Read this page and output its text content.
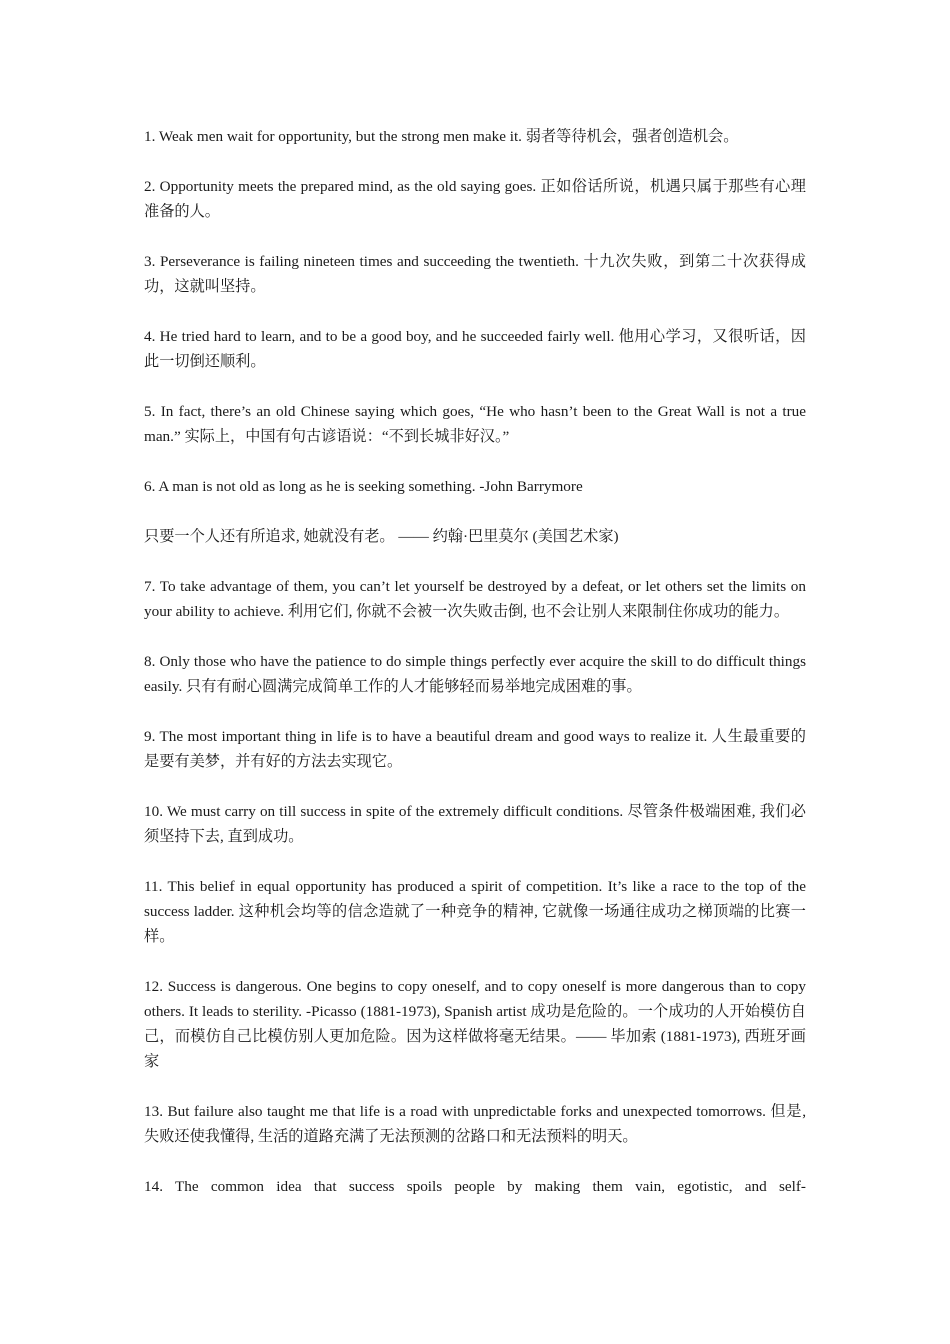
1. Weak men wait for opportunity, but the strong men make it. 弱者等待机会，强者创造机会。

2. Opportunity meets the prepared mind, as the old saying goes. 正如俗话所说，机遇只属于那些有心理准备的人。

3. Perseverance is failing nineteen times and succeeding the twentieth. 十九次失败，到第二十次获得成功，这就叫坚持。

4. He tried hard to learn, and to be a good boy, and he succeeded fairly well. 他用心学习，又很听话，因此一切倒还顺利。

5. In fact, there’s an old Chinese saying which goes, “He who hasn’t been to the Great Wall is not a true man.” 实际上，中国有句古谚语说：“不到长城非好汉。”

6. A man is not old as long as he is seeking something. -John Barrymore

只要一个人还有所追求, 她就没有老。 —— 约翰·巴里莫尔 (美国艺术家)

7. To take advantage of them, you can’t let yourself be destroyed by a defeat, or let others set the limits on your ability to achieve. 利用它们, 你就不会被一次失败击倒, 也不会让别人来限制住你成功的能力。

8. Only those who have the patience to do simple things perfectly ever acquire the skill to do difficult things easily. 只有有耐心圆满完成简单工作的人才能够轻而易举地完成困难的事。

9. The most important thing in life is to have a beautiful dream and good ways to realize it. 人生最重要的是要有美梦，并有好的方法去实现它。

10. We must carry on till success in spite of the extremely difficult conditions. 尽管条件极端困难, 我们必须坚持下去, 直到成功。

11. This belief in equal opportunity has produced a spirit of competition. It’s like a race to the top of the success ladder. 这种机会均等的信念造就了一种竞争的精神, 它就像一场通往成功之梯顶端的比赛一样。

12. Success is dangerous. One begins to copy oneself, and to copy oneself is more dangerous than to copy others. It leads to sterility. -Picasso (1881-1973), Spanish artist 成功是危险的。一个成功的人开始模仿自己，而模仿自己比模仿别人更加危险。因为这样做将毫无结果。—— 毕加索 (1881-1973), 西班牙画家

13. But failure also taught me that life is a road with unpredictable forks and unexpected tomorrows. 但是, 失败还使我懂得, 生活的道路充满了无法预测的岔路口和无法预料的明天。

14. The common idea that success spoils people by making them vain, egotistic, and self-
